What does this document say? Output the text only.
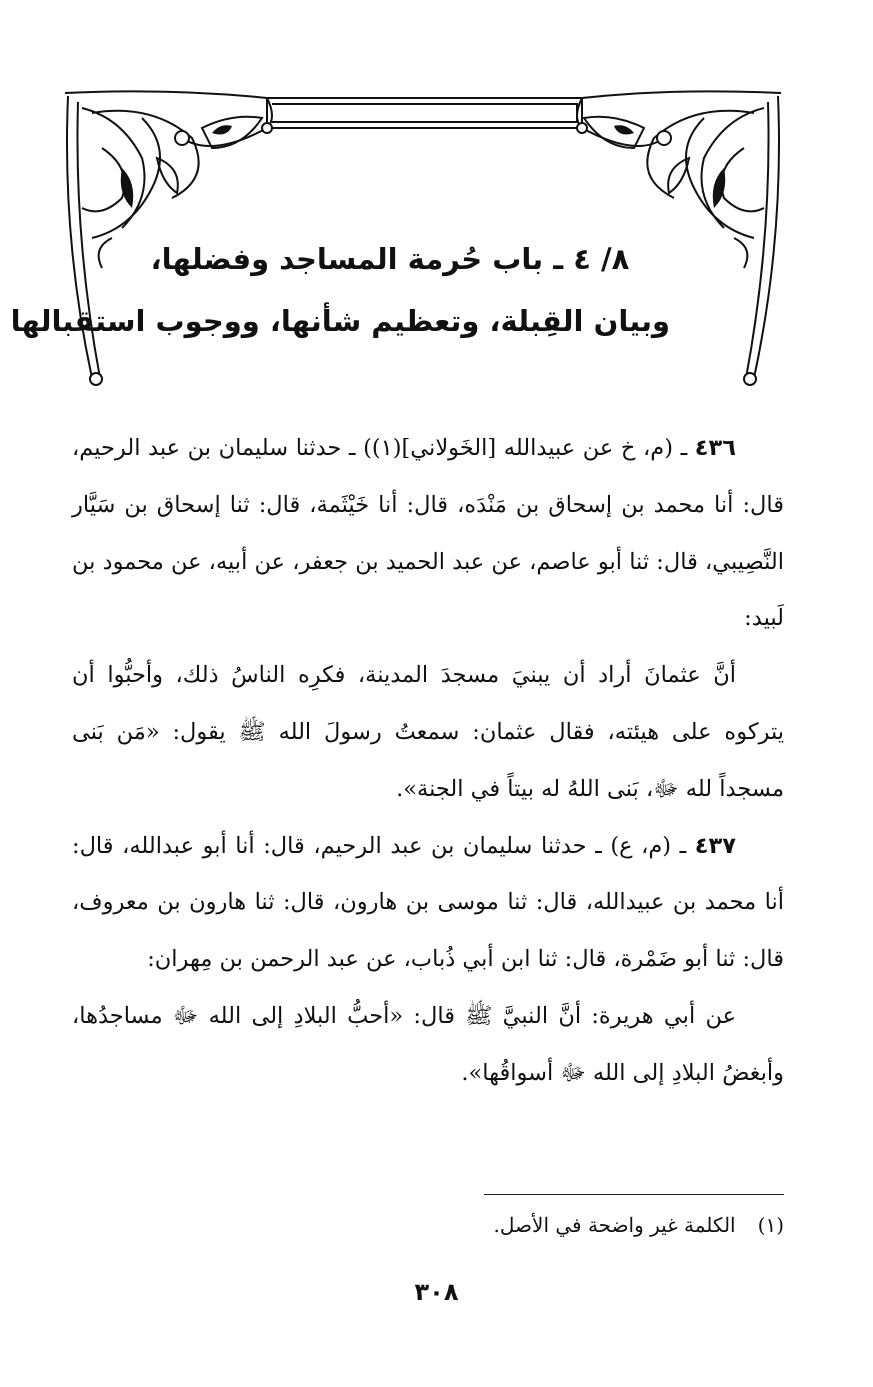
٨/ ٤ ـ باب حُرمة المساجد وفضلها،
وبيان القِبلة، وتعظيم شأنها، ووجوب استقبالها

٤٣٦ ـ (م، خ عن عبيدالله [الخَولاني](١)) ـ حدثنا سليمان بن عبد الرحيم، قال: أنا محمد بن إسحاق بن مَنْدَه، قال: أنا خَيْثَمة، قال: ثنا إسحاق بن سَيَّار النَّصِيبي، قال: ثنا أبو عاصم، عن عبد الحميد بن جعفر، عن أبيه، عن محمود بن لَبيد:

أنَّ عثمانَ أراد أن يبنيَ مسجدَ المدينة، فكرِه الناسُ ذلك، وأحبُّوا أن يتركوه على هيئته، فقال عثمان: سمعتُ رسولَ الله ﷺ يقول: «مَن بَنى مسجداً لله ﷻ، بَنى اللهُ له بيتاً في الجنة».

٤٣٧ ـ (م، ع) ـ حدثنا سليمان بن عبد الرحيم، قال: أنا أبو عبدالله، قال: أنا محمد بن عبيدالله، قال: ثنا موسى بن هارون، قال: ثنا هارون بن معروف، قال: ثنا أبو ضَمْرة، قال: ثنا ابن أبي ذُباب، عن عبد الرحمن بن مِهران:

عن أبي هريرة: أنَّ النبيَّ ﷺ قال: «أحبُّ البلادِ إلى الله ﷻ مساجدُها، وأبغضُ البلادِ إلى الله ﷻ أسواقُها».

(١)الكلمة غير واضحة في الأصل.
٣٠٨
